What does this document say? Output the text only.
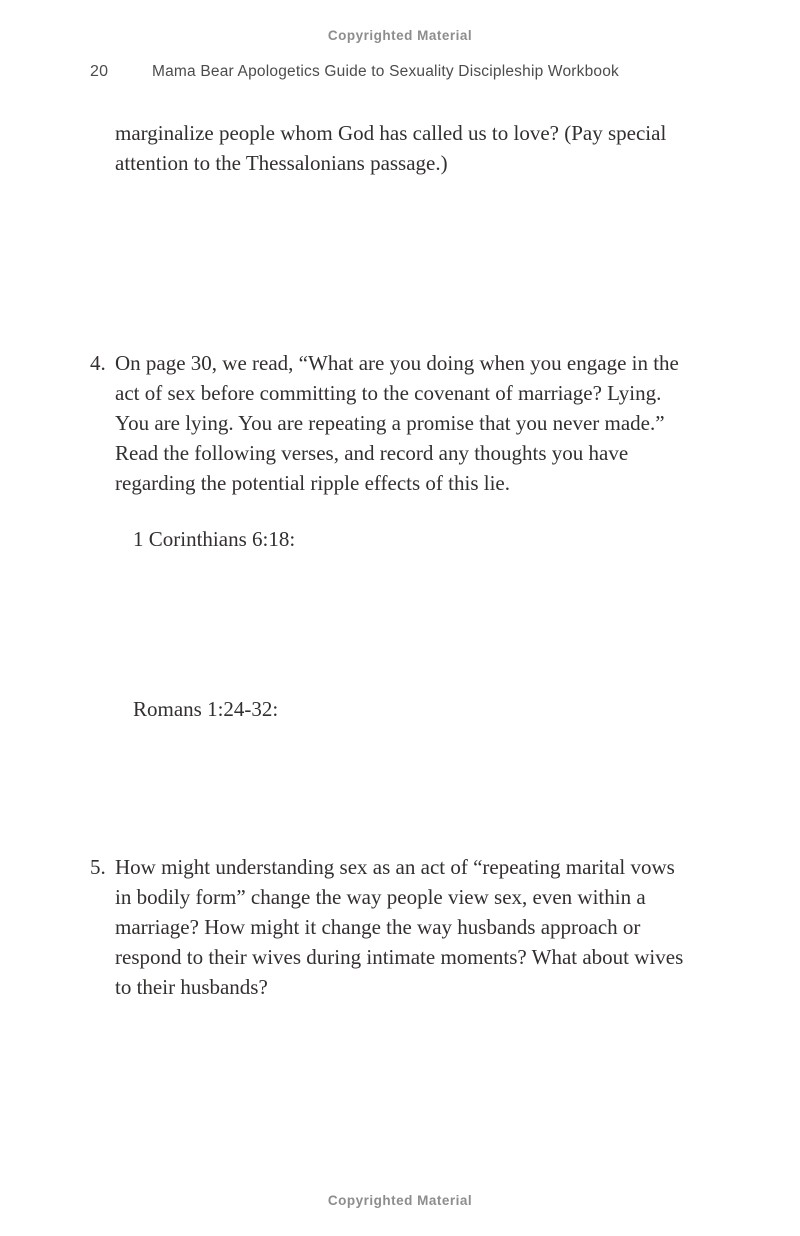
Copyrighted Material
20	Mama Bear Apologetics Guide to Sexuality Discipleship Workbook
marginalize people whom God has called us to love? (Pay special attention to the Thessalonians passage.)
4. On page 30, we read, “What are you doing when you engage in the act of sex before committing to the covenant of marriage? Lying. You are lying. You are repeating a promise that you never made.” Read the following verses, and record any thoughts you have regarding the potential ripple effects of this lie.
1 Corinthians 6:18:
Romans 1:24-32:
5. How might understanding sex as an act of “repeating marital vows in bodily form” change the way people view sex, even within a marriage? How might it change the way husbands approach or respond to their wives during intimate moments? What about wives to their husbands?
Copyrighted Material
